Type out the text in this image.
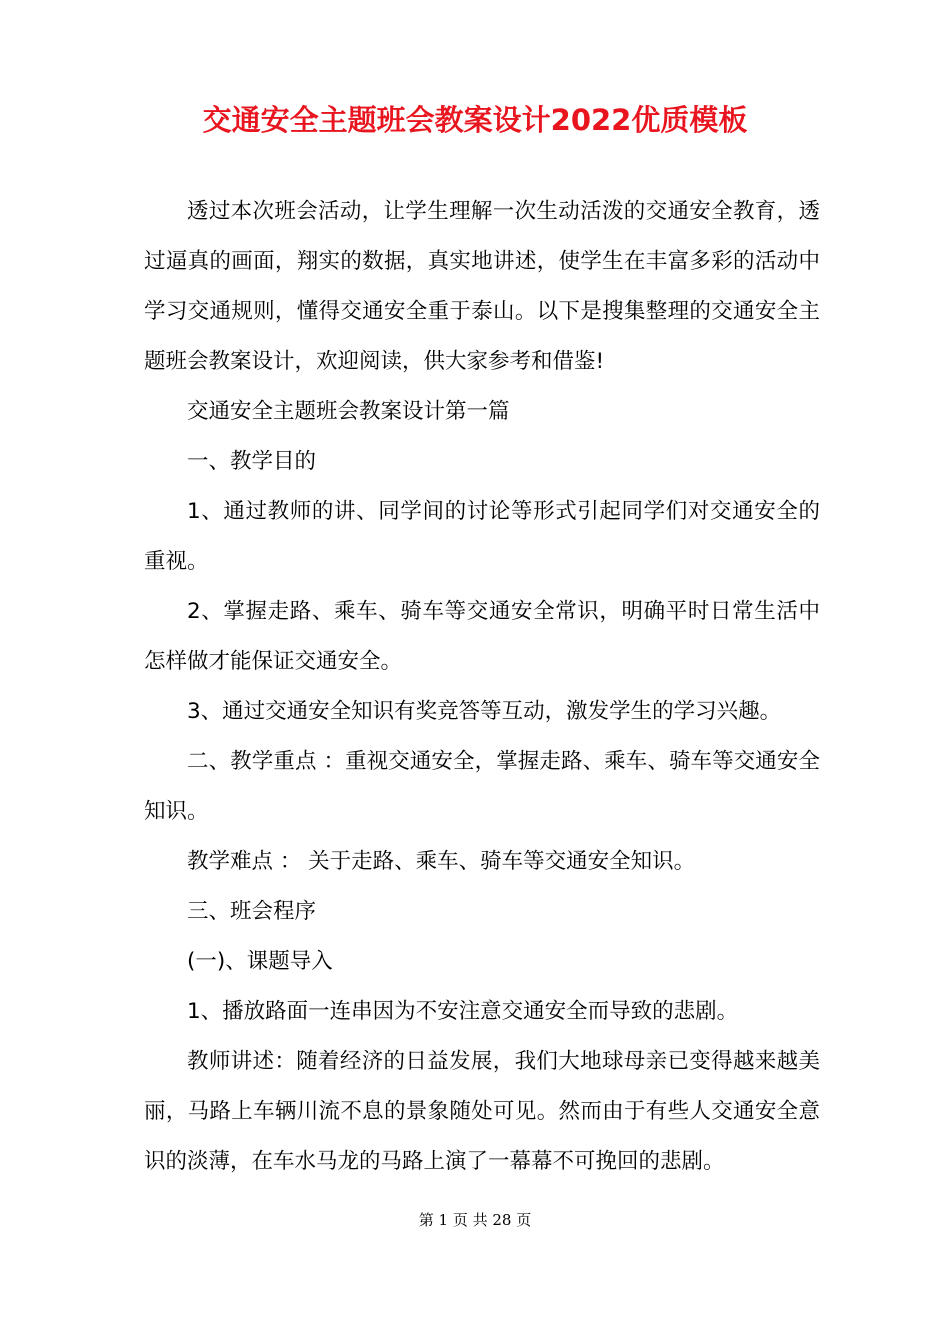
交通安全主题班会教案设计2022优质模板

透过本次班会活动，让学生理解一次生动活泼的交通安全教育，透过逼真的画面，翔实的数据，真实地讲述，使学生在丰富多彩的活动中学习交通规则，懂得交通安全重于泰山。以下是搜集整理的交通安全主题班会教案设计，欢迎阅读，供大家参考和借鉴!

交通安全主题班会教案设计第一篇

一、教学目的

1、通过教师的讲、同学间的讨论等形式引起同学们对交通安全的重视。

2、掌握走路、乘车、骑车等交通安全常识，明确平时日常生活中怎样做才能保证交通安全。

3、通过交通安全知识有奖竞答等互动，激发学生的学习兴趣。

二、教学重点 ：重视交通安全，掌握走路、乘车、骑车等交通安全知识。

教学难点 ： 关于走路、乘车、骑车等交通安全知识。

三、班会程序

(一)、课题导入

1、播放路面一连串因为不安注意交通安全而导致的悲剧。

教师讲述：随着经济的日益发展，我们大地球母亲已变得越来越美丽，马路上车辆川流不息的景象随处可见。然而由于有些人交通安全意识的淡薄，在车水马龙的马路上演了一幕幕不可挽回的悲剧。

第 1 页 共 28 页
